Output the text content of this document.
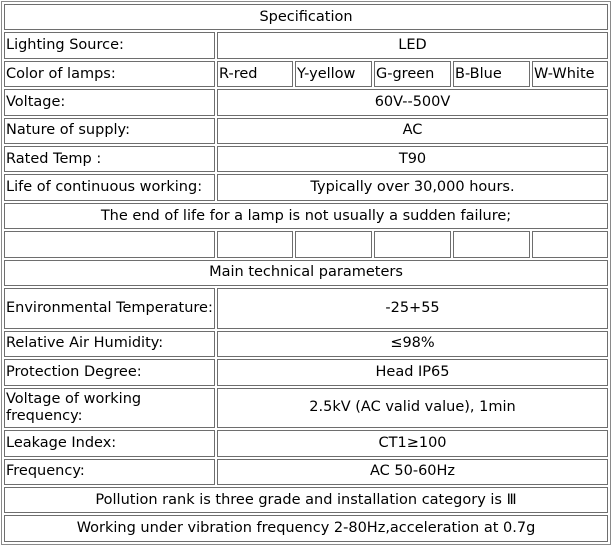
Specification					
Lighting Source:	LED				
Color of lamps:	R-red	Y-yellow	G-green	B-Blue	W-White
Voltage:	60V--500V				
Nature of supply:	AC				
Rated Temp :	T90				
Life of continuous working:	Typically over 30,000 hours.				
The end of life for a lamp is not usually a sudden failure;					

Main technical parameters					
Environmental Temperature:	-25+55				
Relative Air Humidity:	≤98%				
Protection Degree:	Head IP65				
Voltage of working frequency:	2.5kV (AC valid value), 1min				
Leakage Index:	CT1≥100				
Frequency:	AC 50-60Hz				
Pollution rank is three grade and installation category is Ⅲ					
Working under vibration frequency 2-80Hz,acceleration at 0.7g					
